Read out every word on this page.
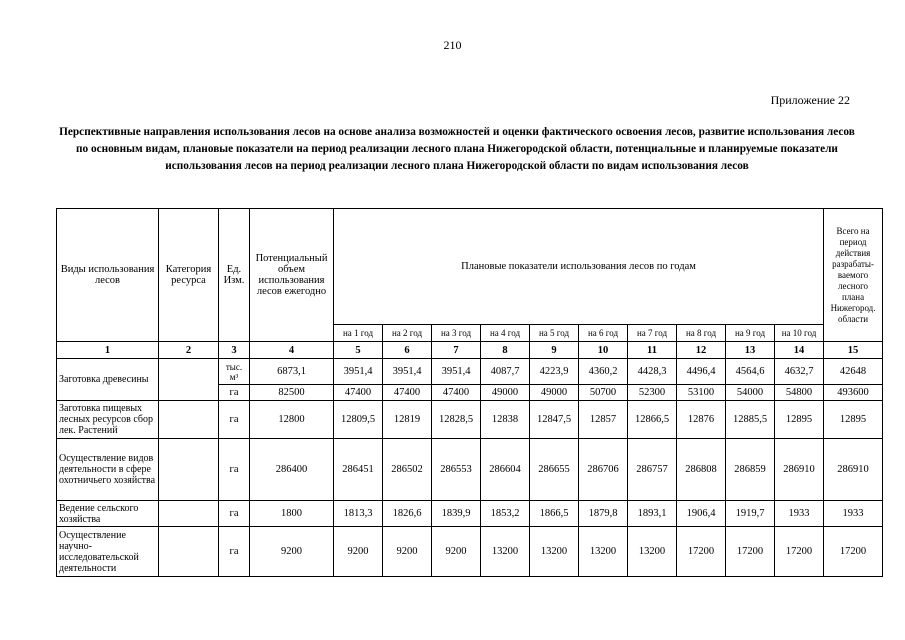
210
Приложение 22
Перспективные направления использования лесов на основе анализа возможностей и оценки фактического освоения лесов, развитие использования лесов по основным видам, плановые показатели на период реализации лесного плана Нижегородской области, потенциальные и планируемые показатели использования лесов на период реализации лесного плана Нижегородской области по видам использования лесов
Виды использования лесов	Категория ресурса	Ед. Изм.	Потенциальный объем использования лесов ежегодно	Плановые показатели использования лесов по годам										Всего на период действия разрабаты-ваемого лесного плана Нижегород. области
				на 1 год	на 2 год	на 3 год	на 4 год	на 5 год	на 6 год	на 7 год	на 8 год	на 9 год	на 10 год	
1	2	3	4	5	6	7	8	9	10	11	12	13	14	15
Заготовка древесины		тыс. м³	6873,1	3951,4	3951,4	3951,4	4087,7	4223,9	4360,2	4428,3	4496,4	4564,6	4632,7	42648
		га	82500	47400	47400	47400	49000	49000	50700	52300	53100	54000	54800	493600
Заготовка пищевых лесных ресурсов сбор лек. Растений		га	12800	12809,5	12819	12828,5	12838	12847,5	12857	12866,5	12876	12885,5	12895	12895
Осуществление видов деятельности в сфере охотничьего хозяйства		га	286400	286451	286502	286553	286604	286655	286706	286757	286808	286859	286910	286910
Ведение сельского хозяйства		га	1800	1813,3	1826,6	1839,9	1853,2	1866,5	1879,8	1893,1	1906,4	1919,7	1933	1933
Осуществление научно-исследовательской деятельности		га	9200	9200	9200	9200	13200	13200	13200	13200	17200	17200	17200	17200
